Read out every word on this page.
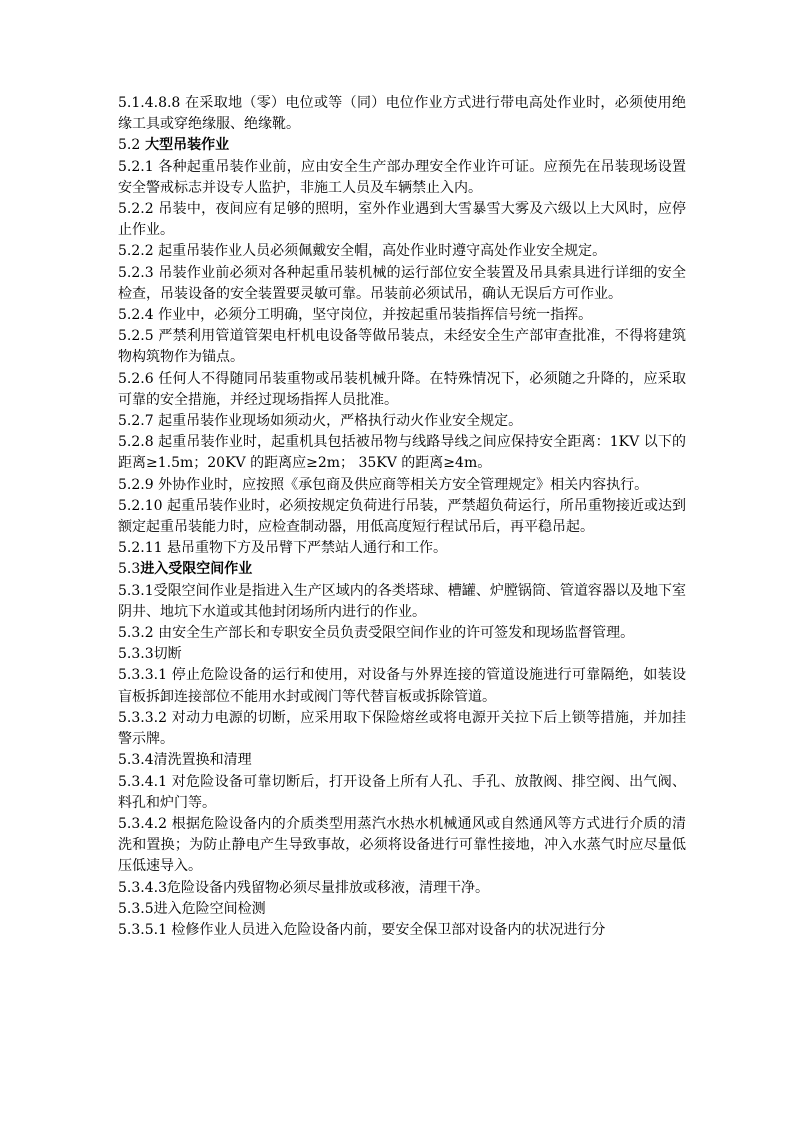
5.1.4.8.8 在采取地（零）电位或等（同）电位作业方式进行带电高处作业时，必须使用绝缘工具或穿绝缘服、绝缘靴。

5.2 大型吊装作业

5.2.1 各种起重吊装作业前，应由安全生产部办理安全作业许可证。应预先在吊装现场设置安全警戒标志并设专人监护，非施工人员及车辆禁止入内。

5.2.2 吊装中，夜间应有足够的照明，室外作业遇到大雪暴雪大雾及六级以上大风时，应停止作业。

5.2.2 起重吊装作业人员必须佩戴安全帽，高处作业时遵守高处作业安全规定。

5.2.3 吊装作业前必须对各种起重吊装机械的运行部位安全装置及吊具索具进行详细的安全检查，吊装设备的安全装置要灵敏可靠。吊装前必须试吊，确认无误后方可作业。

5.2.4 作业中，必须分工明确，坚守岗位，并按起重吊装指挥信号统一指挥。

5.2.5 严禁利用管道管架电杆机电设备等做吊装点，未经安全生产部审查批准，不得将建筑物构筑物作为锚点。

5.2.6 任何人不得随同吊装重物或吊装机械升降。在特殊情况下，必须随之升降的，应采取可靠的安全措施，并经过现场指挥人员批准。

5.2.7 起重吊装作业现场如须动火，严格执行动火作业安全规定。

5.2.8 起重吊装作业时，起重机具包括被吊物与线路导线之间应保持安全距离：1KV 以下的距离≥1.5m；20KV 的距离应≥2m； 35KV 的距离≥4m。

5.2.9 外协作业时，应按照《承包商及供应商等相关方安全管理规定》相关内容执行。

5.2.10 起重吊装作业时，必须按规定负荷进行吊装，严禁超负荷运行，所吊重物接近或达到额定起重吊装能力时，应检查制动器，用低高度短行程试吊后，再平稳吊起。

5.2.11 悬吊重物下方及吊臂下严禁站人通行和工作。

5.3进入受限空间作业

5.3.1受限空间作业是指进入生产区域内的各类塔球、槽罐、炉膛锅筒、管道容器以及地下室阴井、地坑下水道或其他封闭场所内进行的作业。

5.3.2 由安全生产部长和专职安全员负责受限空间作业的许可签发和现场监督管理。

5.3.3切断

5.3.3.1 停止危险设备的运行和使用，对设备与外界连接的管道设施进行可靠隔绝，如装设盲板拆卸连接部位不能用水封或阀门等代替盲板或拆除管道。

5.3.3.2 对动力电源的切断，应采用取下保险熔丝或将电源开关拉下后上锁等措施，并加挂警示牌。

5.3.4清洗置换和清理

5.3.4.1 对危险设备可靠切断后，打开设备上所有人孔、手孔、放散阀、排空阀、出气阀、料孔和炉门等。

5.3.4.2 根据危险设备内的介质类型用蒸汽水热水机械通风或自然通风等方式进行介质的清洗和置换；为防止静电产生导致事故，必须将设备进行可靠性接地，冲入水蒸气时应尽量低压低速导入。

5.3.4.3危险设备内残留物必须尽量排放或移液，清理干净。

5.3.5进入危险空间检测

5.3.5.1 检修作业人员进入危险设备内前，要安全保卫部对设备内的状况进行分
